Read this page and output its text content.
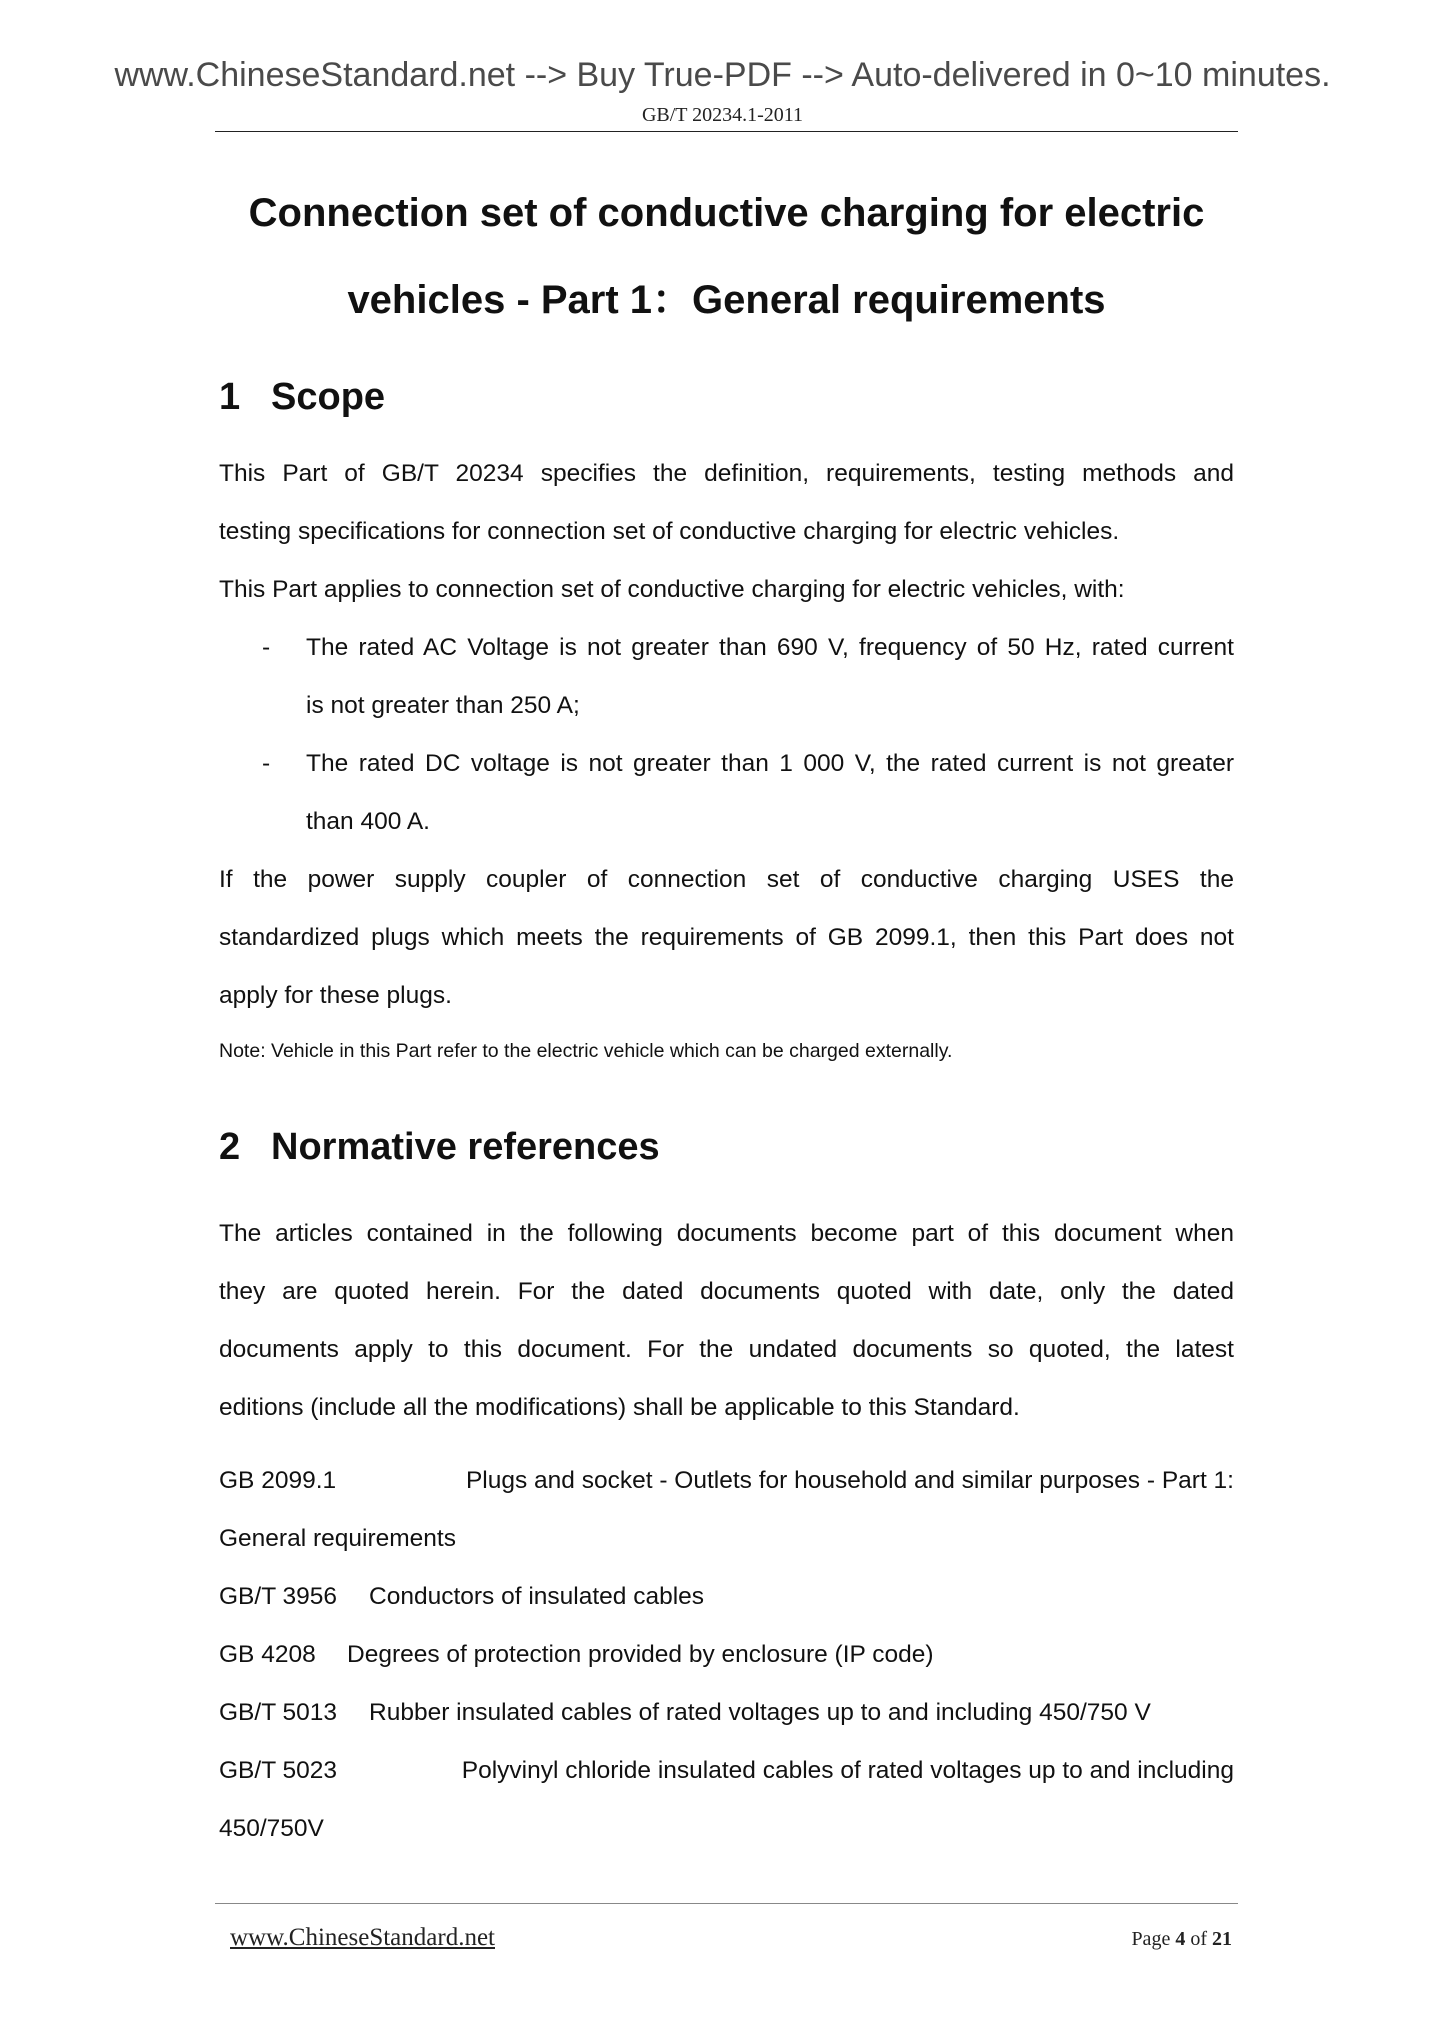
www.ChineseStandard.net --> Buy True-PDF --> Auto-delivered in 0~10 minutes.
GB/T 20234.1-2011
Connection set of conductive charging for electric
vehicles - Part 1：General requirements
1 Scope
This Part of GB/T 20234 specifies the definition, requirements, testing methods and
testing specifications for connection set of conductive charging for electric vehicles.
This Part applies to connection set of conductive charging for electric vehicles, with:
- The rated AC Voltage is not greater than 690 V, frequency of 50 Hz, rated current
is not greater than 250 A;
- The rated DC voltage is not greater than 1 000 V, the rated current is not greater
than 400 A.
If the power supply coupler of connection set of conductive charging USES the
standardized plugs which meets the requirements of GB 2099.1, then this Part does not
apply for these plugs.
Note: Vehicle in this Part refer to the electric vehicle which can be charged externally.
2 Normative references
The articles contained in the following documents become part of this document when
they are quoted herein. For the dated documents quoted with date, only the dated
documents apply to this document. For the undated documents so quoted, the latest
editions (include all the modifications) shall be applicable to this Standard.
GB 2099.1	Plugs and socket - Outlets for household and similar purposes - Part 1:
General requirements
GB/T 3956 Conductors of insulated cables
GB 4208 Degrees of protection provided by enclosure (IP code)
GB/T 5013 Rubber insulated cables of rated voltages up to and including 450/750 V
GB/T 5023	Polyvinyl chloride insulated cables of rated voltages up to and including
450/750V
www.ChineseStandard.net	Page 4 of 21
